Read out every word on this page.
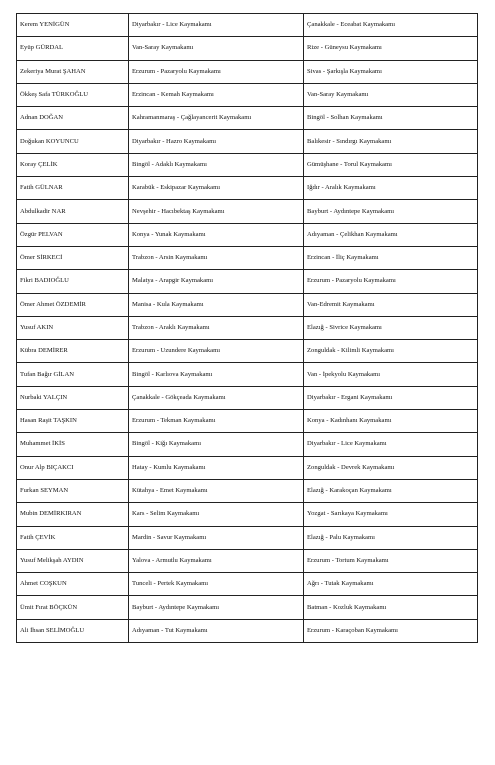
Kerem YENİGÜN	Diyarbakır - Lice Kaymakamı	Çanakkale - Eceabat Kaymakamı
Eyüp GÜRDAL	Van-Saray Kaymakamı	Rize - Güneysu Kaymakamı
Zekeriya Murat ŞAHAN	Erzurum - Pazaryolu Kaymakamı	Sivas - Şarkışla Kaymakamı
Ökkeş Safa TÜRKOĞLU	Erzincan - Kemah Kaymakamı	Van-Saray Kaymakamı
Adnan DOĞAN	Kahramanmaraş - Çağlayancerit Kaymakamı	Bingöl - Solhan Kaymakamı
Doğukan KOYUNCU	Diyarbakır - Hazro Kaymakamı	Balıkesir - Sındırgı Kaymakamı
Koray ÇELİK	Bingöl - Adaklı Kaymakamı	Gümüşhane - Torul Kaymakamı
Fatih GÜLNAR	Karabük - Eskipazar Kaymakamı	Iğdır - Aralık Kaymakamı
Abdulkadir NAR	Nevşehir - Hacıbektaş Kaymakamı	Bayburt - Aydıntepe Kaymakamı
Özgür PELVAN	Konya - Yunak Kaymakamı	Adıyaman - Çelikhan Kaymakamı
Ömer SİRKECİ	Trabzon - Arsin Kaymakamı	Erzincan - İliç Kaymakamı
Fikri BADIOĞLU	Malatya - Arapgir Kaymakamı	Erzurum - Pazaryolu Kaymakamı
Ömer Ahmet ÖZDEMİR	Manisa - Kula Kaymakamı	Van-Edremit Kaymakamı
Yusuf AKIN	Trabzon - Araklı Kaymakamı	Elazığ - Sivrice Kaymakamı
Kübra DEMİRER	Erzurum - Uzundere Kaymakamı	Zonguldak - Kilimli Kaymakamı
Tufan Bağır GİLAN	Bingöl - Karlıova Kaymakamı	Van - İpekyolu Kaymakamı
Nurbaki YALÇIN	Çanakkale - Gökçeada Kaymakamı	Diyarbakır - Ergani Kaymakamı
Hasan Raşit TAŞKIN	Erzurum - Tekman Kaymakamı	Konya - Kadınhanı Kaymakamı
Muhammet İKİS	Bingöl - Kiğı Kaymakamı	Diyarbakır - Lice Kaymakamı
Onur Alp BIÇAKCI	Hatay - Kumlu Kaymakamı	Zonguldak - Devrek Kaymakamı
Furkan SEYMAN	Kütahya - Emet Kaymakamı	Elazığ - Karakoçan Kaymakamı
Mubin DEMİRKIRAN	Kars - Selim Kaymakamı	Yozgat - Sarıkaya Kaymakamı
Fatih ÇEVİK	Mardin - Savur Kaymakamı	Elazığ - Palu Kaymakamı
Yusuf Melikşah AYDIN	Yalova - Armutlu Kaymakamı	Erzurum - Tortum Kaymakamı
Ahmet COŞKUN	Tunceli - Pertek Kaymakamı	Ağrı - Tutak Kaymakamı
Ümit Fırat BÖÇKÜN	Bayburt - Aydıntepe Kaymakamı	Batman - Kozluk Kaymakamı
Ali İhsan SELİMOĞLU	Adıyaman - Tut Kaymakamı	Erzurum - Karaçoban Kaymakamı
